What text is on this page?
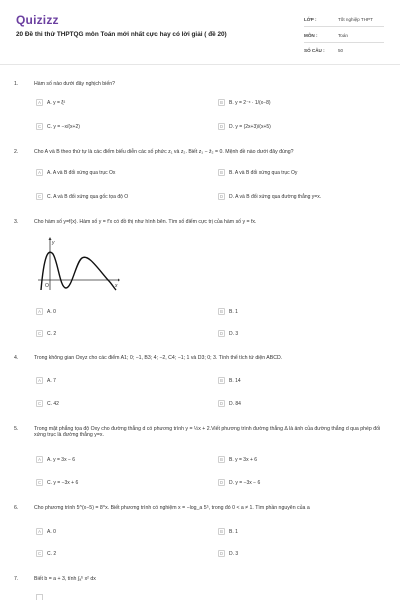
Quizizz
20 Đề thi thử THPTQG môn Toán mới nhất cực hay có lời giải ( đề 20)
LỚP :	Tốt nghiệp THPT
MÔN :	Toán
SỐ CÂU :	50
1.	Hàm số nào dưới đây nghịch biến?
A	A. y = ξ²	B	B. y = 2⁻ˣ · 1/(x−8)
C	C. y = −x/(x+2)	D	D. y = (2x+3)/(x+5)
2.	Cho A và B theo thứ tự là các điểm biểu diễn các số phức z₁ và z₂. Biết z₁ − z̄₂ = 0. Mệnh đề nào dưới đây đúng?
A	A. A và B đối xứng qua trục Ox	B	B. A và B đối xứng qua trục Oy
C	C. A và B đối xứng qua gốc tọa độ O	D	D. A và B đối xứng qua đường thẳng y=x.
3.	Cho hàm số y=f(x). Hàm số y = f′x có đồ thị như hình bên. Tìm số điểm cực trị của hàm số y = fx.
y
x
O
A	A. 0	B	B. 1
C	C. 2	D	D. 3
4.	Trong không gian Oxyz cho các điểm A1; 0; −1, B3; 4; −2, C4; −1; 1 và D3; 0; 3. Tính thể tích tứ diện ABCD.
A	A. 7	B	B. 14
C	C. 42	D	D. 84
5.	Trong mặt phẳng tọa độ Oxy cho đường thẳng d có phương trình y = ½x + 2.Viết phương trình đường thẳng Δ là ảnh của đường thẳng d qua phép đối xứng trục là đường thẳng y=x.
A	A. y = 3x − 6	B	B. y = 3x + 6
C	C. y = −3x + 6	D	D. y = −3x − 6
6.	Cho phương trình 5^(x−5) = 8^x. Biết phương trình có nghiệm x = −log_a 5⁵, trong đó 0 < a ≠ 1. Tìm phần nguyên của a
A	A. 0	B	B. 1
C	C. 2	D	D. 3
7.	Biết b = a + 3, tính ∫ₐᵇ x² dx
